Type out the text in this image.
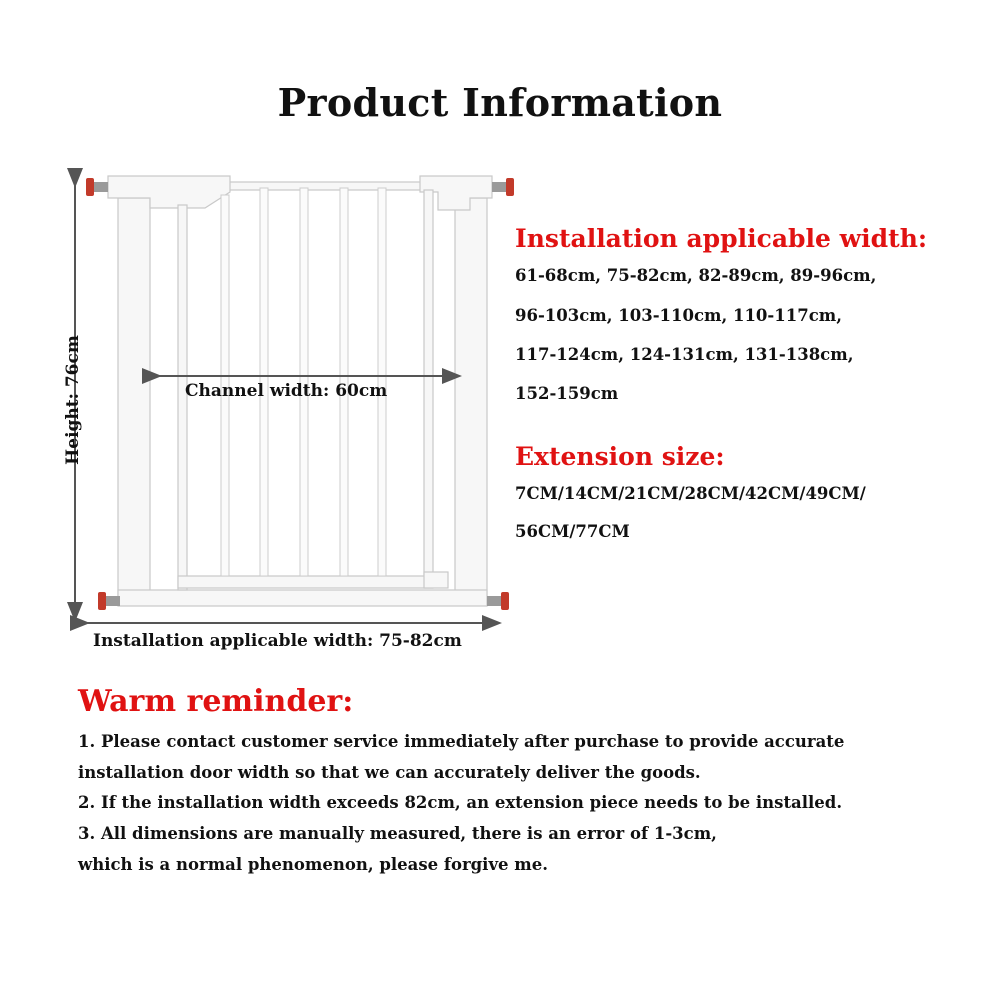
Product Information
Height: 76cm	Channel width: 60cm
Installation applicable width: 75-82cm
Installation applicable width:
61-68cm, 75-82cm, 82-89cm, 89-96cm,
96-103cm, 103-110cm, 110-117cm,
117-124cm, 124-131cm, 131-138cm,
152-159cm
Extension size:
7CM/14CM/21CM/28CM/42CM/49CM/
56CM/77CM
Warm reminder:
1. Please contact customer service immediately after purchase to provide accurate
installation door width so that we can accurately deliver the goods.
2. If the installation width exceeds 82cm, an extension piece needs to be installed.
3. All dimensions are manually measured, there is an error of 1-3cm,
which is a normal phenomenon, please forgive me.
